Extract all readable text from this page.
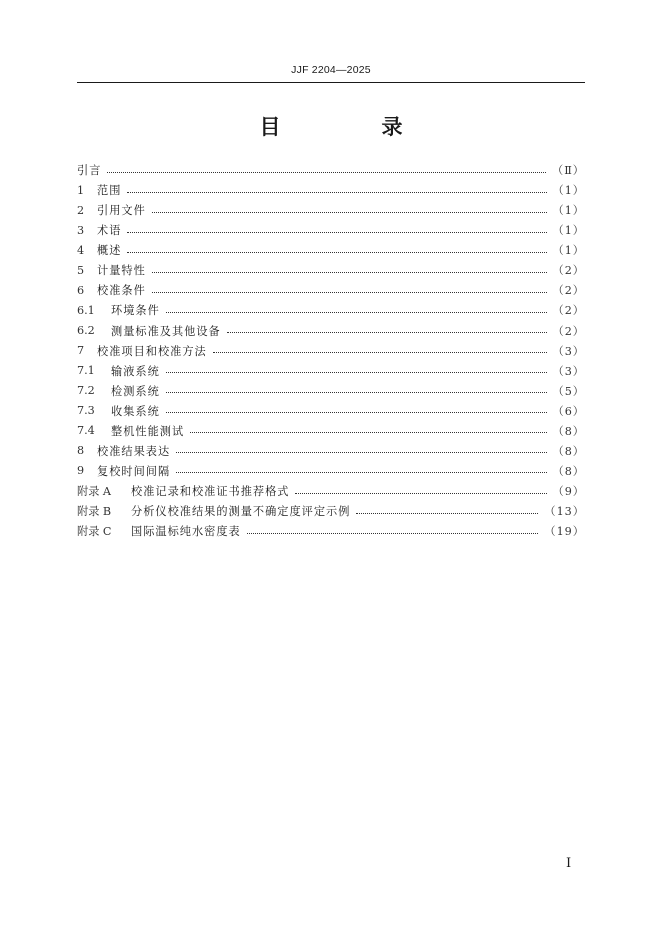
JJF 2204—2025
目　录
引言	（Ⅱ）
1	范围	（1）
2	引用文件	（1）
3	术语	（1）
4	概述	（1）
5	计量特性	（2）
6	校准条件	（2）
6.1	环境条件	（2）
6.2	测量标准及其他设备	（2）
7	校准项目和校准方法	（3）
7.1	输液系统	（3）
7.2	检测系统	（5）
7.3	收集系统	（6）
7.4	整机性能测试	（8）
8	校准结果表达	（8）
9	复校时间间隔	（8）
附录 A	校准记录和校准证书推荐格式	（9）
附录 B	分析仪校准结果的测量不确定度评定示例	（13）
附录 C	国际温标纯水密度表	（19）
Ⅰ
